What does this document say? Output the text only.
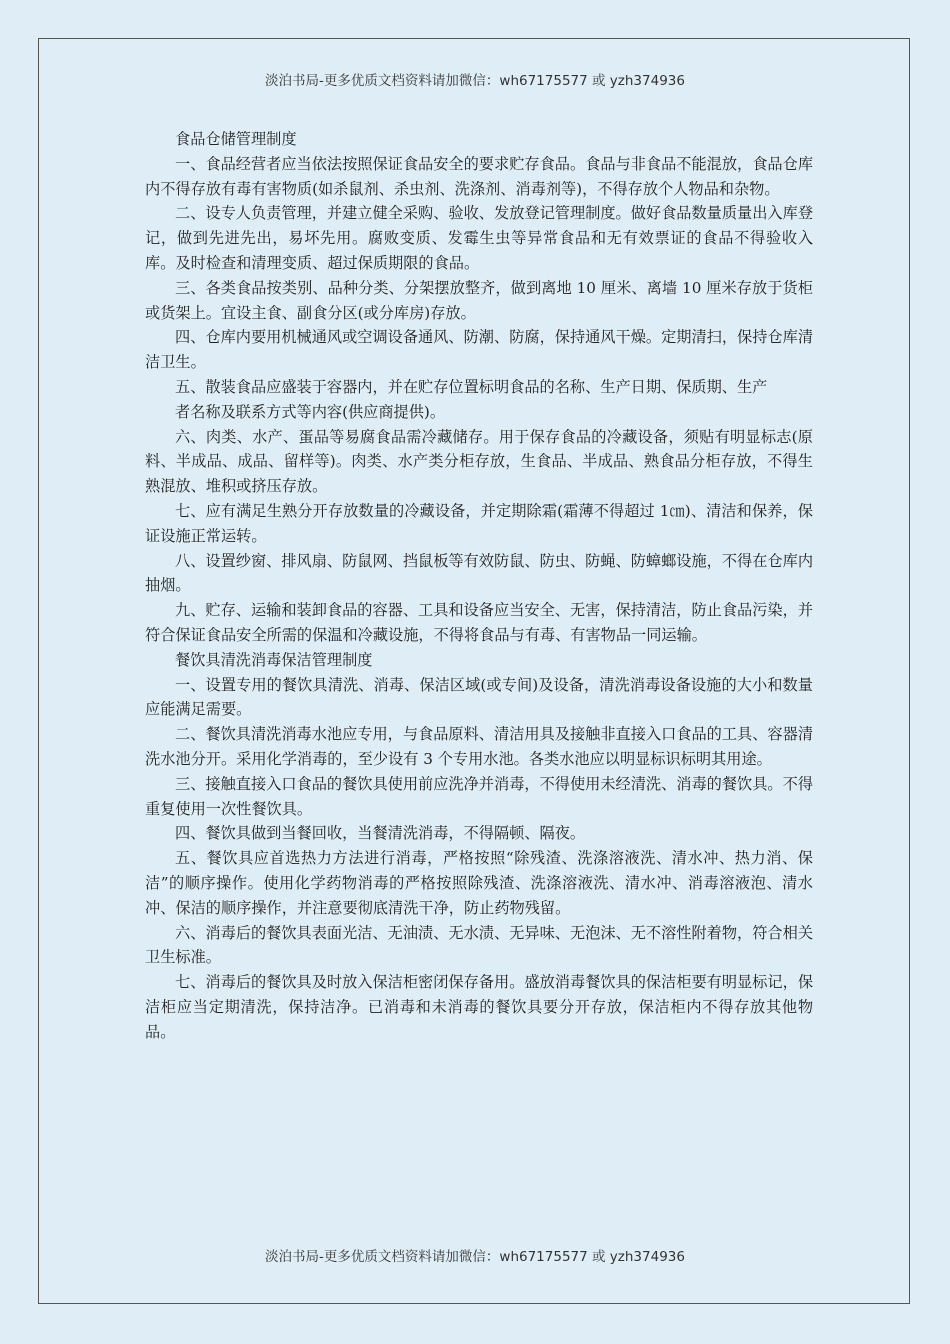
淡泊书局-更多优质文档资料请加微信：wh67175577 或 yzh374936

食品仓储管理制度

一、食品经营者应当依法按照保证食品安全的要求贮存食品。食品与非食品不能混放，食品仓库内不得存放有毒有害物质(如杀鼠剂、杀虫剂、洗涤剂、消毒剂等)，不得存放个人物品和杂物。

二、设专人负责管理，并建立健全采购、验收、发放登记管理制度。做好食品数量质量出入库登记，做到先进先出，易坏先用。腐败变质、发霉生虫等异常食品和无有效票证的食品不得验收入库。及时检查和清理变质、超过保质期限的食品。

三、各类食品按类别、品种分类、分架摆放整齐，做到离地 10 厘米、离墙 10 厘米存放于货柜或货架上。宜设主食、副食分区(或分库房)存放。

四、仓库内要用机械通风或空调设备通风、防潮、防腐，保持通风干燥。定期清扫，保持仓库清洁卫生。

五、散装食品应盛装于容器内，并在贮存位置标明食品的名称、生产日期、保质期、生产

者名称及联系方式等内容(供应商提供)。

六、肉类、水产、蛋品等易腐食品需冷藏储存。用于保存食品的冷藏设备，须贴有明显标志(原料、半成品、成品、留样等)。肉类、水产类分柜存放，生食品、半成品、熟食品分柜存放，不得生熟混放、堆积或挤压存放。

七、应有满足生熟分开存放数量的冷藏设备，并定期除霜(霜薄不得超过 1㎝)、清洁和保养，保证设施正常运转。

八、设置纱窗、排风扇、防鼠网、挡鼠板等有效防鼠、防虫、防蝇、防蟑螂设施，不得在仓库内抽烟。

九、贮存、运输和装卸食品的容器、工具和设备应当安全、无害，保持清洁，防止食品污染，并符合保证食品安全所需的保温和冷藏设施，不得将食品与有毒、有害物品一同运输。

餐饮具清洗消毒保洁管理制度

一、设置专用的餐饮具清洗、消毒、保洁区域(或专间)及设备，清洗消毒设备设施的大小和数量应能满足需要。

二、餐饮具清洗消毒水池应专用，与食品原料、清洁用具及接触非直接入口食品的工具、容器清洗水池分开。采用化学消毒的，至少设有 3 个专用水池。各类水池应以明显标识标明其用途。

三、接触直接入口食品的餐饮具使用前应洗净并消毒，不得使用未经清洗、消毒的餐饮具。不得重复使用一次性餐饮具。

四、餐饮具做到当餐回收，当餐清洗消毒，不得隔顿、隔夜。

五、餐饮具应首选热力方法进行消毒，严格按照“除残渣、洗涤溶液洗、清水冲、热力消、保洁”的顺序操作。使用化学药物消毒的严格按照除残渣、洗涤溶液洗、清水冲、消毒溶液泡、清水冲、保洁的顺序操作，并注意要彻底清洗干净，防止药物残留。

六、消毒后的餐饮具表面光洁、无油渍、无水渍、无异味、无泡沫、无不溶性附着物，符合相关卫生标准。

七、消毒后的餐饮具及时放入保洁柜密闭保存备用。盛放消毒餐饮具的保洁柜要有明显标记，保洁柜应当定期清洗，保持洁净。已消毒和未消毒的餐饮具要分开存放，保洁柜内不得存放其他物品。

淡泊书局-更多优质文档资料请加微信：wh67175577 或 yzh374936
